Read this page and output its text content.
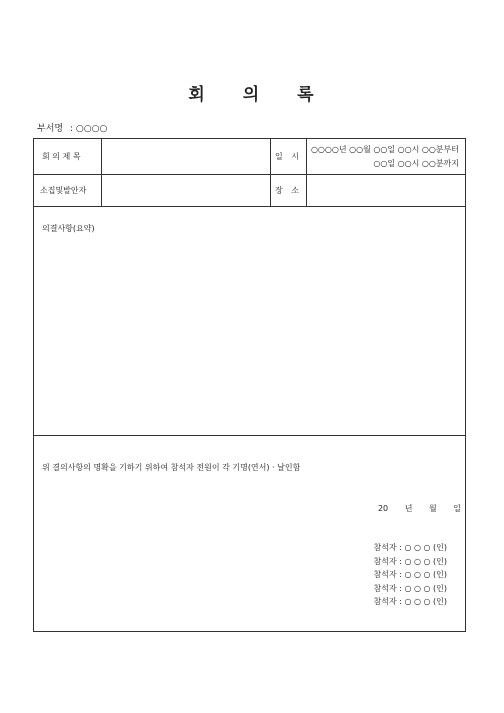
회 의 록
부서명 : ○○○○
회 의 제 목	일 시
○○○○년 ○○월 ○○일 ○○시 ○○분부터
○○일 ○○시 ○○분까지
소집및발안자	장 소
의결사항(요약)
위 결의사항의 명확을 기하기 위하여 참석자 전원이 각 기명(연서) · 날인함
20 년 월 일
참석자 : ○ ○ ○ (인)
참석자 : ○ ○ ○ (인)
참석자 : ○ ○ ○ (인)
참석자 : ○ ○ ○ (인)
참석자 : ○ ○ ○ (인)
